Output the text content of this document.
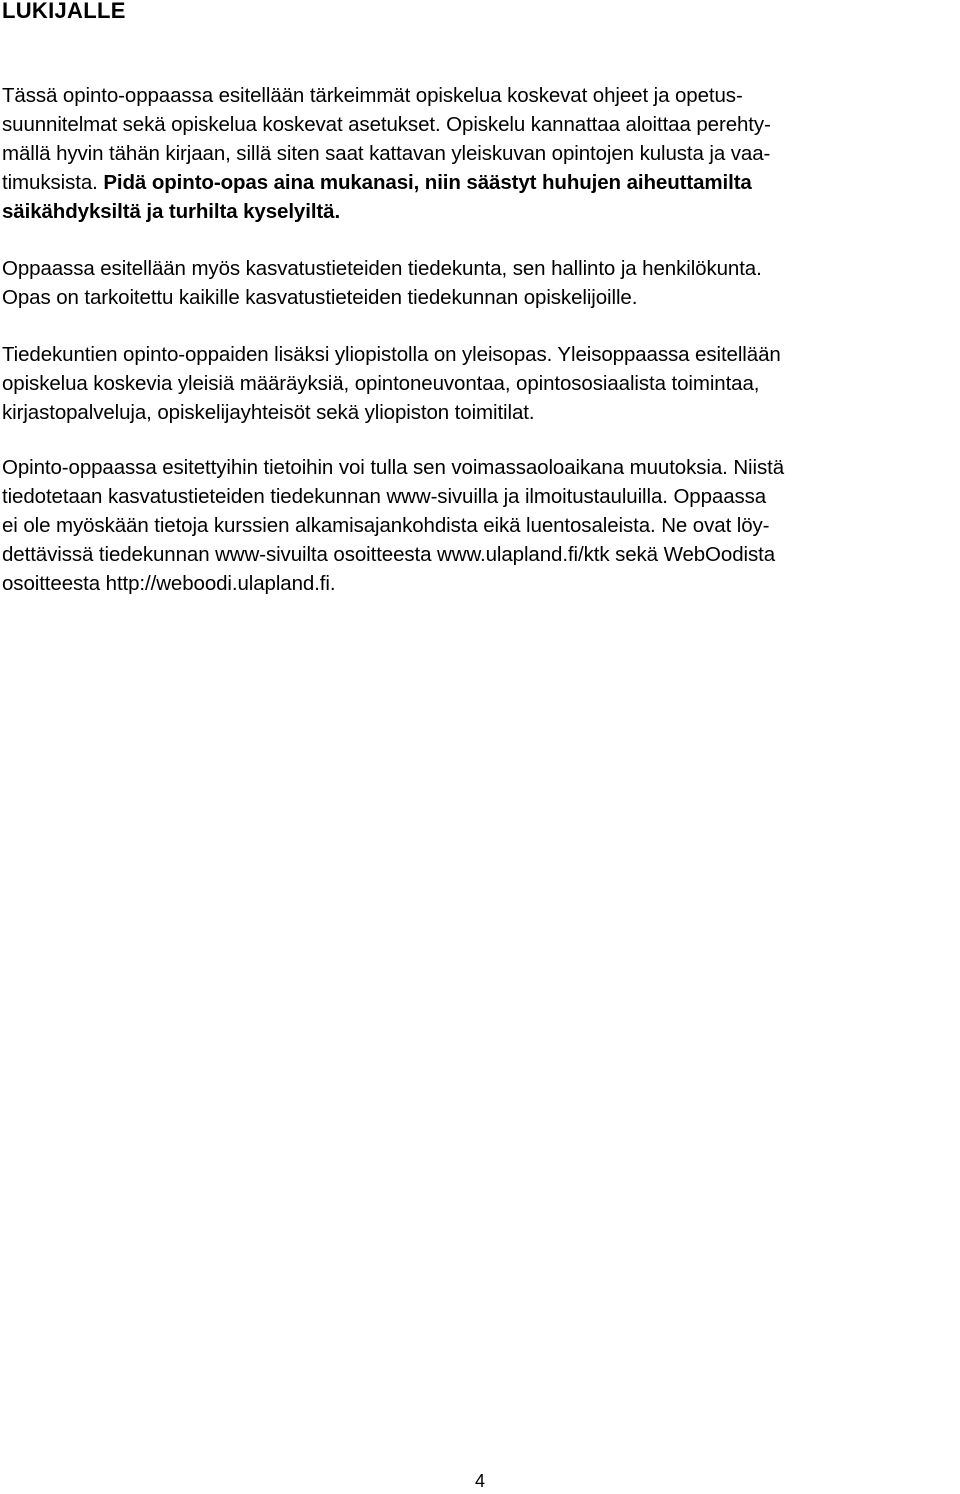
LUKIJALLE

Tässä opinto-oppaassa esitellään tärkeimmät opiskelua koskevat ohjeet ja opetus-
suunnitelmat sekä opiskelua koskevat asetukset. Opiskelu kannattaa aloittaa perehty-
mällä hyvin tähän kirjaan, sillä siten saat kattavan yleiskuvan opintojen kulusta ja vaa-
timuksista. Pidä opinto-opas aina mukanasi, niin säästyt huhujen aiheuttamilta
säikähdyksiltä ja turhilta kyselyiltä.

Oppaassa esitellään myös kasvatustieteiden tiedekunta, sen hallinto ja henkilökunta.
Opas on tarkoitettu kaikille kasvatustieteiden tiedekunnan opiskelijoille.

Tiedekuntien opinto-oppaiden lisäksi yliopistolla on yleisopas. Yleisoppaassa esitellään
opiskelua koskevia yleisiä määräyksiä, opintoneuvontaa, opintososiaalista toimintaa,
kirjastopalveluja, opiskelijayhteisöt sekä yliopiston toimitilat.

Opinto-oppaassa esitettyihin tietoihin voi tulla sen voimassaoloaikana muutoksia. Niistä
tiedotetaan kasvatustieteiden tiedekunnan www-sivuilla ja ilmoitustauluilla. Oppaassa
ei ole myöskään tietoja kurssien alkamisajankohdista eikä luentosaleista. Ne ovat löy-
dettävissä tiedekunnan www-sivuilta osoitteesta www.ulapland.fi/ktk sekä WebOodista
osoitteesta http://weboodi.ulapland.fi.

4
